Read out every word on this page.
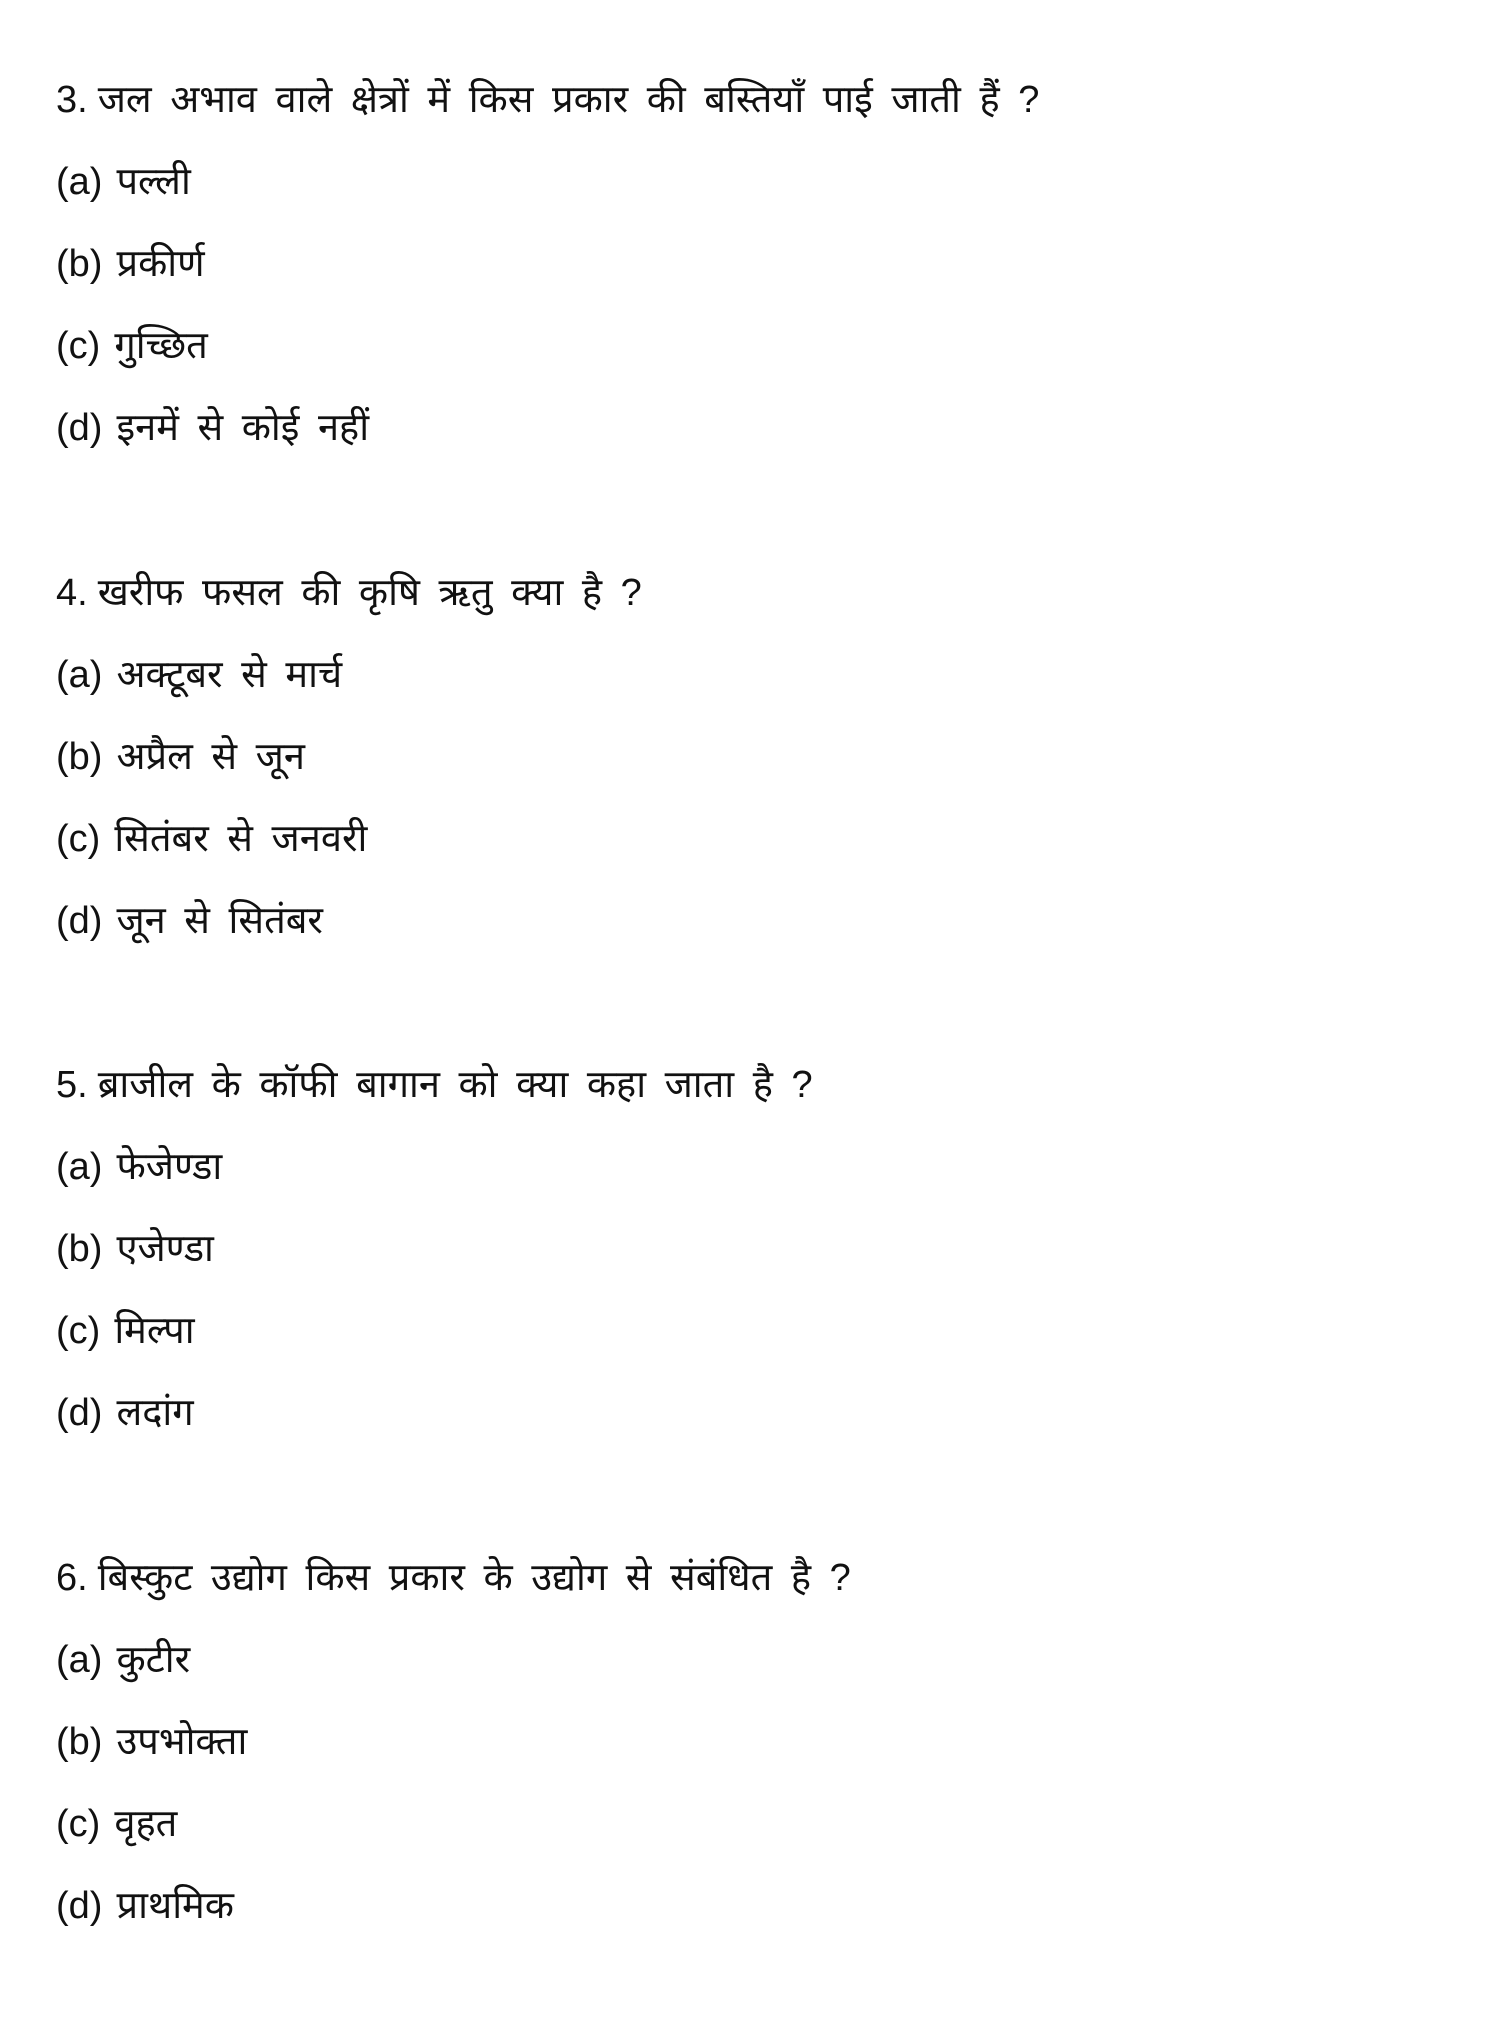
3. जल अभाव वाले क्षेत्रों में किस प्रकार की बस्तियाँ पाई जाती हैं ?
(a) पल्ली
(b) प्रकीर्ण
(c) गुच्छित
(d) इनमें से कोई नहीं
4. खरीफ फसल की कृषि ऋतु क्या है ?
(a) अक्टूबर से मार्च
(b) अप्रैल से जून
(c) सितंबर से जनवरी
(d) जून से सितंबर
5. ब्राजील के कॉफी बागान को क्या कहा जाता है ?
(a) फेजेण्डा
(b) एजेण्डा
(c) मिल्पा
(d) लदांग
6. बिस्कुट उद्योग किस प्रकार के उद्योग से संबंधित है ?
(a) कुटीर
(b) उपभोक्ता
(c) वृहत
(d) प्राथमिक
